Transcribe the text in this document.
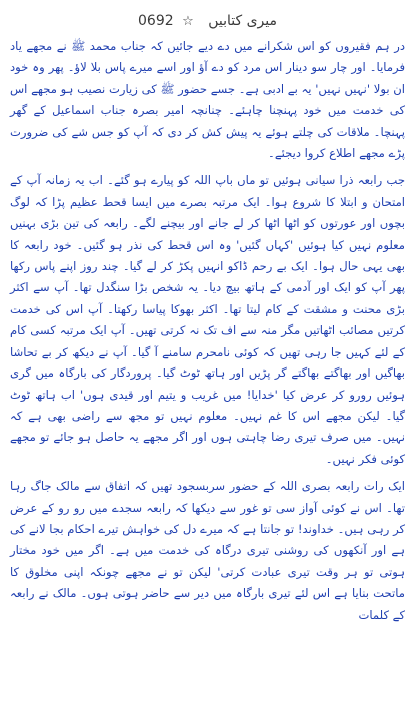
0692 ☆ میری کتابیں

در ہم فقیروں کو اس شکرانے میں دے دیے جائیں کہ جناب محمد ﷺ نے مجھے یاد فرمایا۔ اور چار سو دینار اس مرد کو دے آؤ اور اسے میرے پاس بلا لاؤ۔ پھر وہ خود ان بولا 'نہیں نہیں' یہ بے ادبی ہے۔ جسے حضور ﷺ کی زیارت نصیب ہو مجھے اس کی خدمت میں خود پہنچنا چاہئے۔ چنانچہ امیر بصرہ جناب اسماعیل کے گھر پہنچا۔ ملاقات کی چلتے ہوئے یہ پیش کش کر دی کہ آپ کو جس شے کی ضرورت پڑے مجھے اطلاع کروا دیجئے۔

جب رابعہ ذرا سیانی ہوئیں تو ماں باپ اللہ کو پیارے ہو گئے۔ اب یہ زمانہ آپ کے امتحان و ابتلا کا شروع ہوا۔ ایک مرتبہ بصرے میں ایسا قحط عظیم پڑا کہ لوگ بچوں اور عورتوں کو اٹھا اٹھا کر لے جانے اور بیچنے لگے۔ رابعہ کی تین بڑی بہنیں معلوم نہیں کیا ہوئیں 'کہاں گئیں' وہ اس قحط کی نذر ہو گئیں۔ خود رابعہ کا بھی یہی حال ہوا۔ ایک بے رحم ڈاکو انہیں پکڑ کر لے گیا۔ چند روز اپنے پاس رکھا پھر آپ کو ایک اور آدمی کے ہاتھ بیچ دیا۔ یہ شخص بڑا سنگدل تھا۔ آپ سے اکثر بڑی محنت و مشقت کے کام لیتا تھا۔ اکثر بھوکا پیاسا رکھتا۔ آپ اس کی خدمت کرتیں مصائب اٹھاتیں مگر منہ سے اف تک نہ کرتی تھیں۔ آپ ایک مرتبہ کسی کام کے لئے کہیں جا رہی تھیں کہ کوئی نامحرم سامنے آ گیا۔ آپ نے دیکھ کر بے تحاشا بھاگیں اور بھاگتے بھاگتے گر پڑیں اور ہاتھ ٹوٹ گیا۔ پروردگار کی بارگاہ میں گری ہوئیں رورو کر عرض کیا 'خدایا! میں غریب و یتیم اور قیدی ہوں' اب ہاتھ ٹوٹ گیا۔ لیکن مجھے اس کا غم نہیں۔ معلوم نہیں تو مجھ سے راضی بھی ہے کہ نہیں۔ میں صرف تیری رضا چاہتی ہوں اور اگر مجھے یہ حاصل ہو جائے تو مجھے کوئی فکر نہیں۔

ایک رات رابعہ بصری اللہ کے حضور سربسجود تھیں کہ اتفاق سے مالک جاگ رہا تھا۔ اس نے کوئی آواز سی تو غور سے دیکھا کہ رابعہ سجدے میں رو رو کے عرض کر رہی ہیں۔ خداوند! تو جانتا ہے کہ میرے دل کی خواہش تیرے احکام بجا لانے کی ہے اور آنکھوں کی روشنی تیری درگاہ کی خدمت میں ہے۔ اگر میں خود مختار ہوتی تو ہر وقت تیری عبادت کرتی' لیکن تو نے مجھے چونکہ اپنی مخلوق کا ماتحت بنایا ہے اس لئے تیری بارگاہ میں دیر سے حاضر ہوتی ہوں۔ مالک نے رابعہ کے کلمات
